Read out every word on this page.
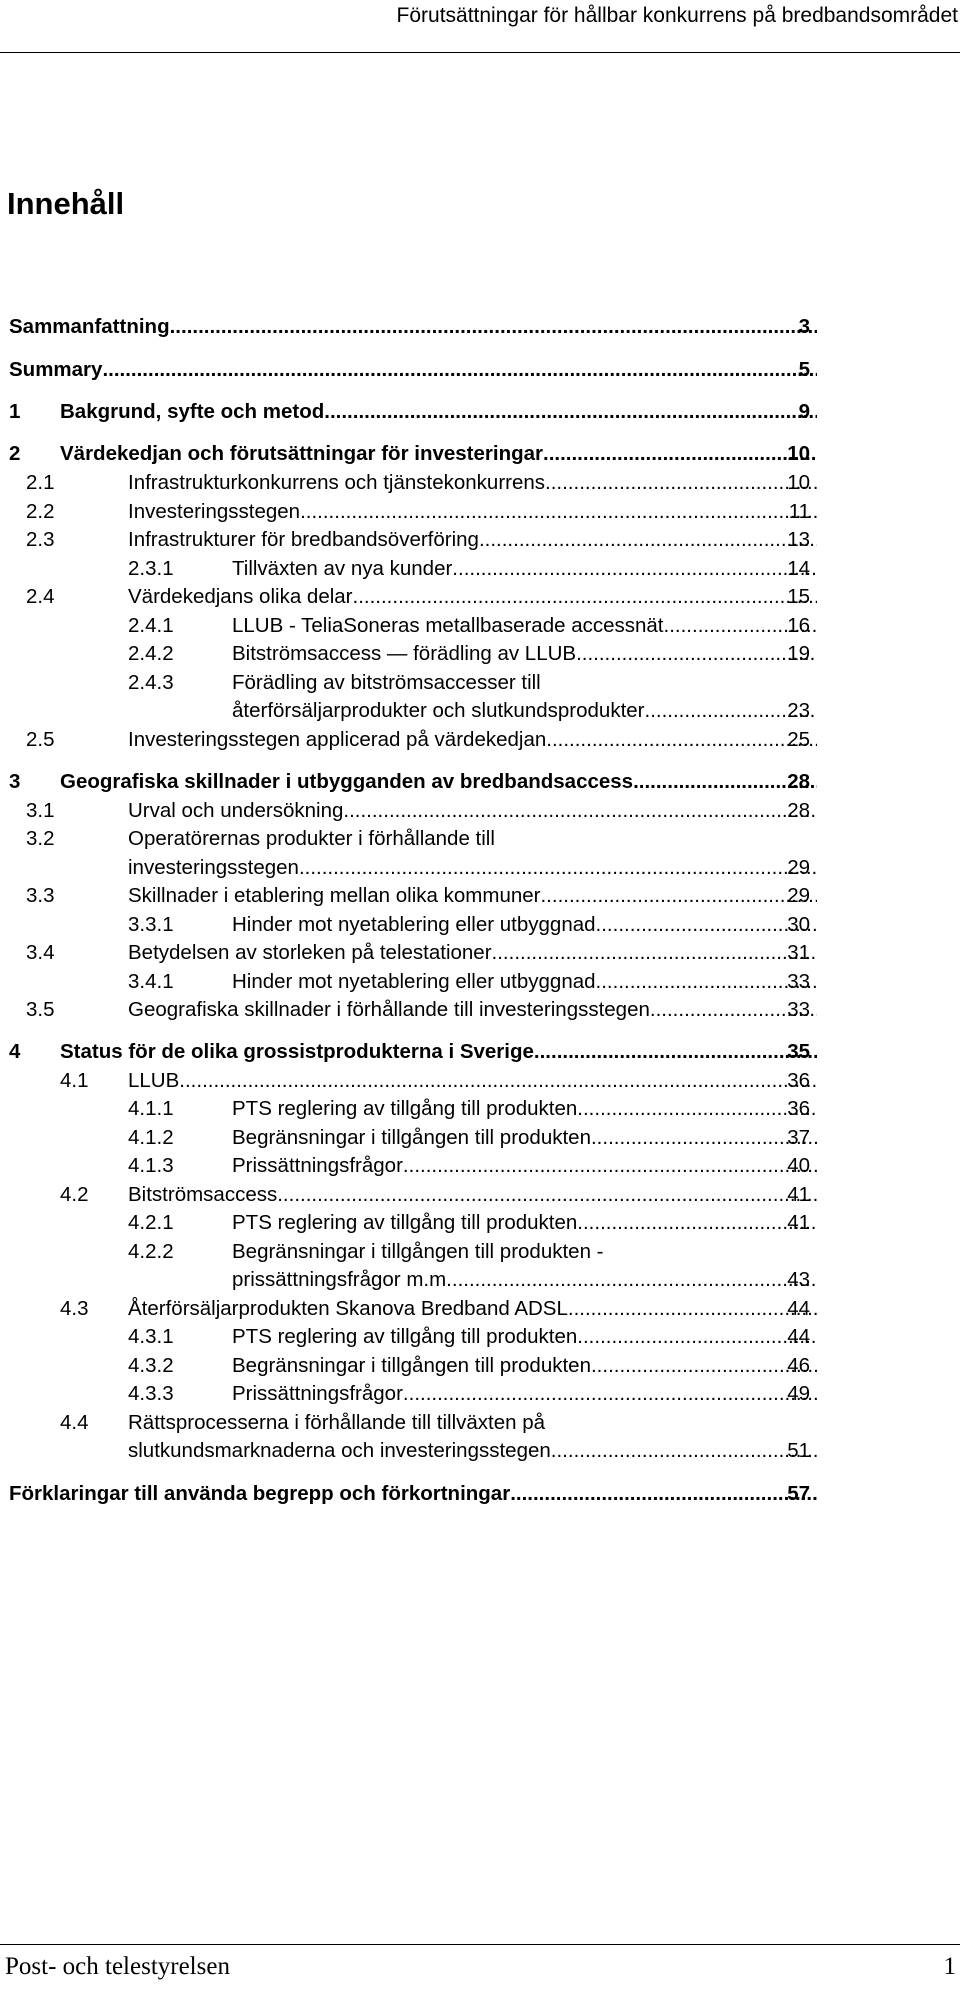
Förutsättningar för hållbar konkurrens på bredbandsområdet
Innehåll
Sammanfattning .....	3
Summary .....	5
1 Bakgrund, syfte och metod .....	9
2 Värdekedjan och förutsättningar för investeringar .....	10
2.1	Infrastrukturkonkurrens och tjänstekonkurrens .....	10
2.2	Investeringsstegen .....	11
2.3	Infrastrukturer för bredbandsöverföring .....	13
2.3.1	Tillväxten av nya kunder .....	14
2.4	Värdekedjans olika delar .....	15
2.4.1	LLUB - TeliaSoneras metallbaserade accessnät .....	16
2.4.2	Bitströmsaccess — förädling av LLUB .....	19
2.4.3	Förädling av bitströmsaccesser till
återförsäljarprodukter och slutkundsprodukter .....	23
2.5	Investeringsstegen applicerad på värdekedjan .....	25
3 Geografiska skillnader i utbygganden av bredbandsaccess .....	28
3.1	Urval och undersökning .....	28
3.2	Operatörernas produkter i förhållande till
investeringsstegen .....	29
3.3	Skillnader i etablering mellan olika kommuner .....	29
3.3.1	Hinder mot nyetablering eller utbyggnad .....	30
3.4	Betydelsen av storleken på telestationer .....	31
3.4.1	Hinder mot nyetablering eller utbyggnad .....	33
3.5	Geografiska skillnader i förhållande till investeringsstegen .....	33
4 Status för de olika grossistprodukterna i Sverige .....	35
4.1 LLUB .....	36
4.1.1	PTS reglering av tillgång till produkten .....	36
4.1.2	Begränsningar i tillgången till produkten .....	37
4.1.3	Prissättningsfrågor .....	40
4.2 Bitströmsaccess .....	41
4.2.1	PTS reglering av tillgång till produkten .....	41
4.2.2	Begränsningar i tillgången till produkten -
prissättningsfrågor m.m. .....	43
4.3 Återförsäljarprodukten Skanova Bredband ADSL .....	44
4.3.1	PTS reglering av tillgång till produkten .....	44
4.3.2	Begränsningar i tillgången till produkten .....	46
4.3.3	Prissättningsfrågor .....	49
4.4 Rättsprocesserna i förhållande till tillväxten på
slutkundsmarknaderna och investeringsstegen .....	51
Förklaringar till använda begrepp och förkortningar .....	57
Post- och telestyrelsen	1
